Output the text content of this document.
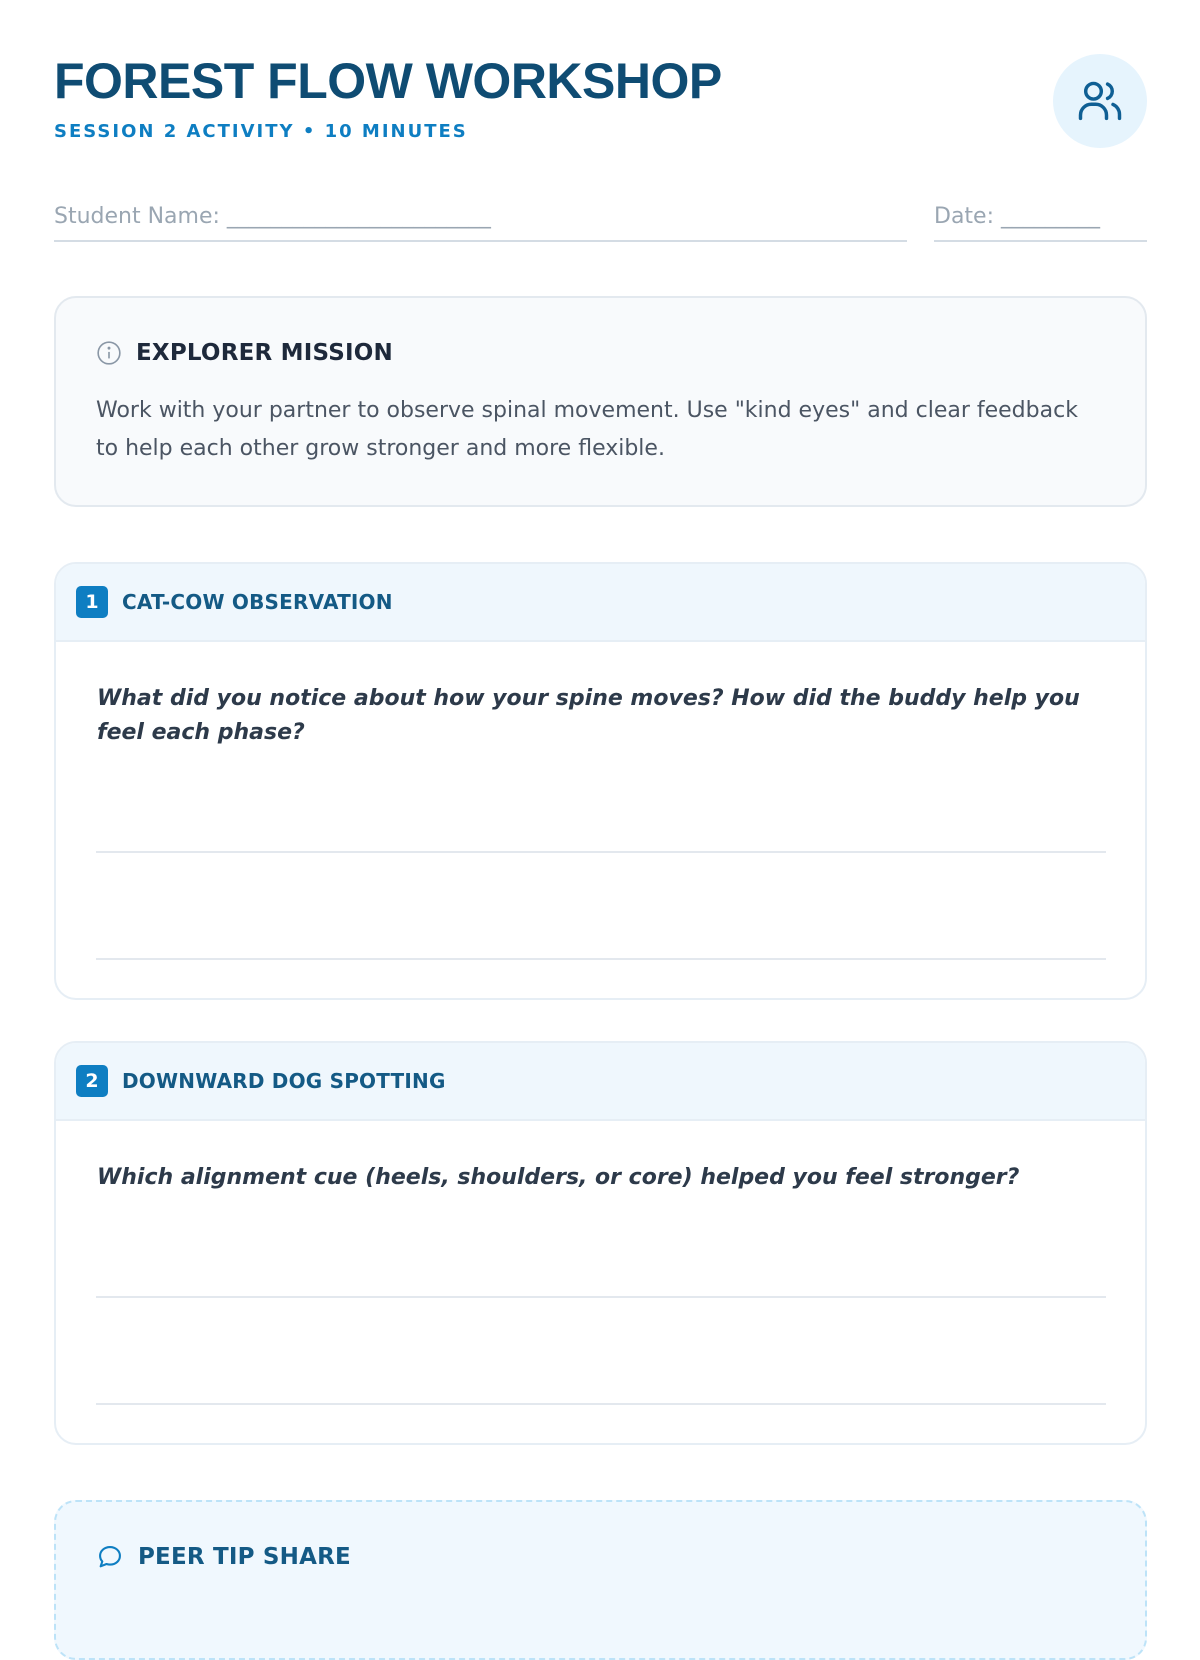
FOREST FLOW WORKSHOP
SESSION 2 ACTIVITY • 10 MINUTES
Student Name: ________________________	Date: _________
EXPLORER MISSION
Work with your partner to observe spinal movement. Use "kind eyes" and clear feedback to help each other grow stronger and more flexible.
1	CAT-COW OBSERVATION
What did you notice about how your spine moves? How did the buddy help you feel each phase?
2	DOWNWARD DOG SPOTTING
Which alignment cue (heels, shoulders, or core) helped you feel stronger?
PEER TIP SHARE
